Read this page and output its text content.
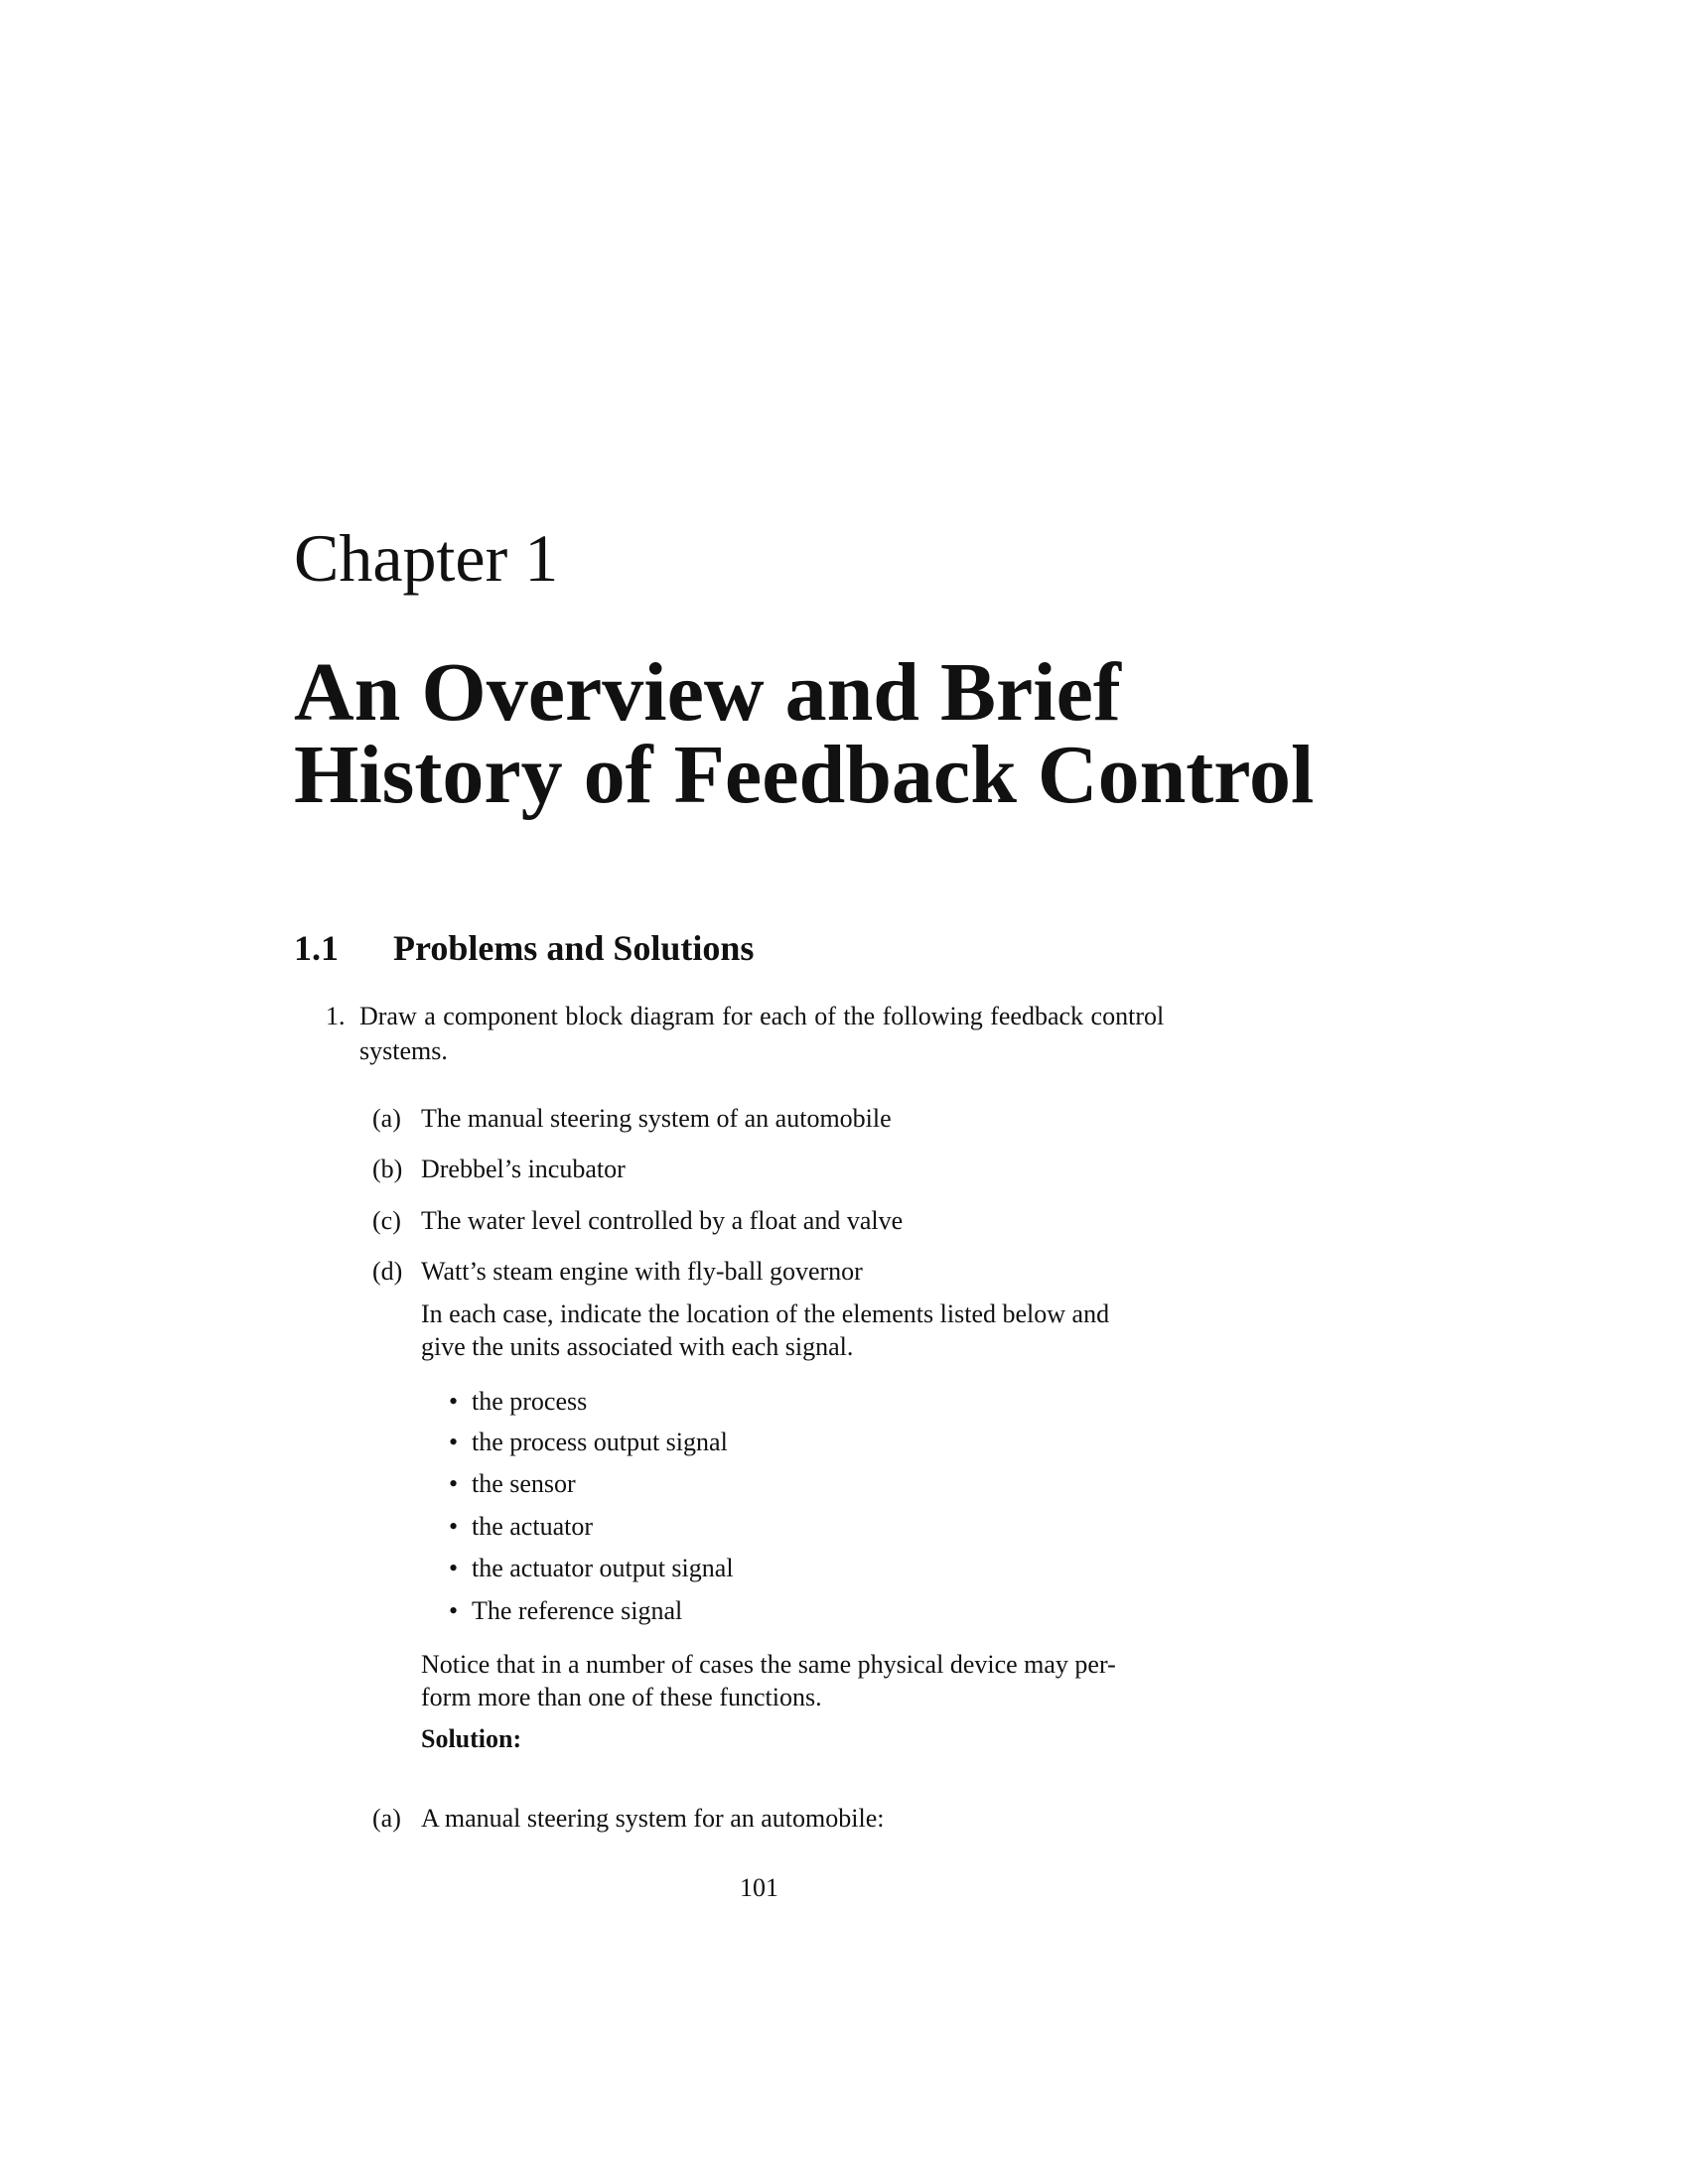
Chapter 1
An Overview and Brief
History of Feedback Control
1.1 Problems and Solutions
1. Draw a component block diagram for each of the following feedback control
systems.
(a) The manual steering system of an automobile
(b) Drebbel’s incubator
(c) The water level controlled by a float and valve
(d) Watt’s steam engine with fly-ball governor
In each case, indicate the location of the elements listed below and
give the units associated with each signal.
• the process
• the process output signal
• the sensor
• the actuator
• the actuator output signal
• The reference signal
Notice that in a number of cases the same physical device may per-
form more than one of these functions.
Solution:
(a) A manual steering system for an automobile:
101
